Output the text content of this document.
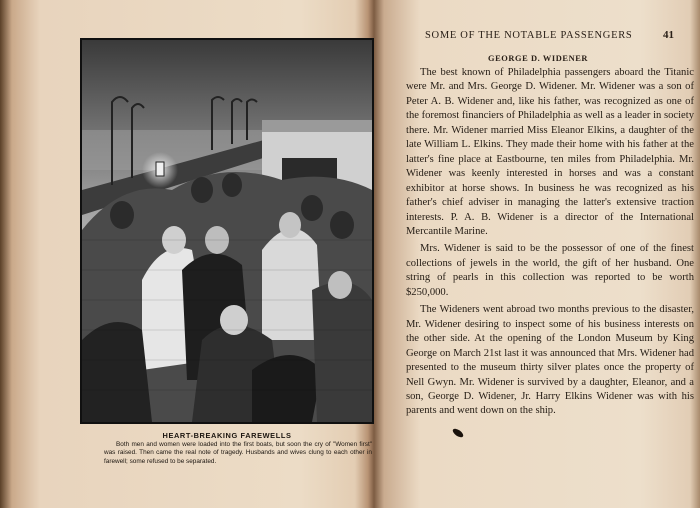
HEART-BREAKING FAREWELLS
Both men and women were loaded into the first boats, but soon the cry of "Women first" was raised. Then came the real note of tragedy. Husbands and wives clung to each other in farewell; some refused to be separated.
SOME OF THE NOTABLE PASSENGERS	41
GEORGE D. WIDENER

The best known of Philadelphia passengers aboard the Titanic were Mr. and Mrs. George D. Widener. Mr. Widener was a son of Peter A. B. Widener and, like his father, was recognized as one of the foremost financiers of Philadelphia as well as a leader in society there. Mr. Widener married Miss Eleanor Elkins, a daughter of the late William L. Elkins. They made their home with his father at the latter's fine place at Eastbourne, ten miles from Philadelphia. Mr. Widener was keenly interested in horses and was a constant exhibitor at horse shows. In business he was recognized as his father's chief adviser in managing the latter's extensive traction interests. P. A. B. Widener is a director of the International Mercantile Marine.

Mrs. Widener is said to be the possessor of one of the finest collections of jewels in the world, the gift of her husband. One string of pearls in this collection was reported to be worth $250,000.

The Wideners went abroad two months previous to the disaster, Mr. Widener desiring to inspect some of his business interests on the other side. At the opening of the London Museum by King George on March 21st last it was announced that Mrs. Widener had presented to the museum thirty silver plates once the property of Nell Gwyn. Mr. Widener is survived by a daughter, Eleanor, and a son, George D. Widener, Jr. Harry Elkins Widener was with his parents and went down on the ship.
